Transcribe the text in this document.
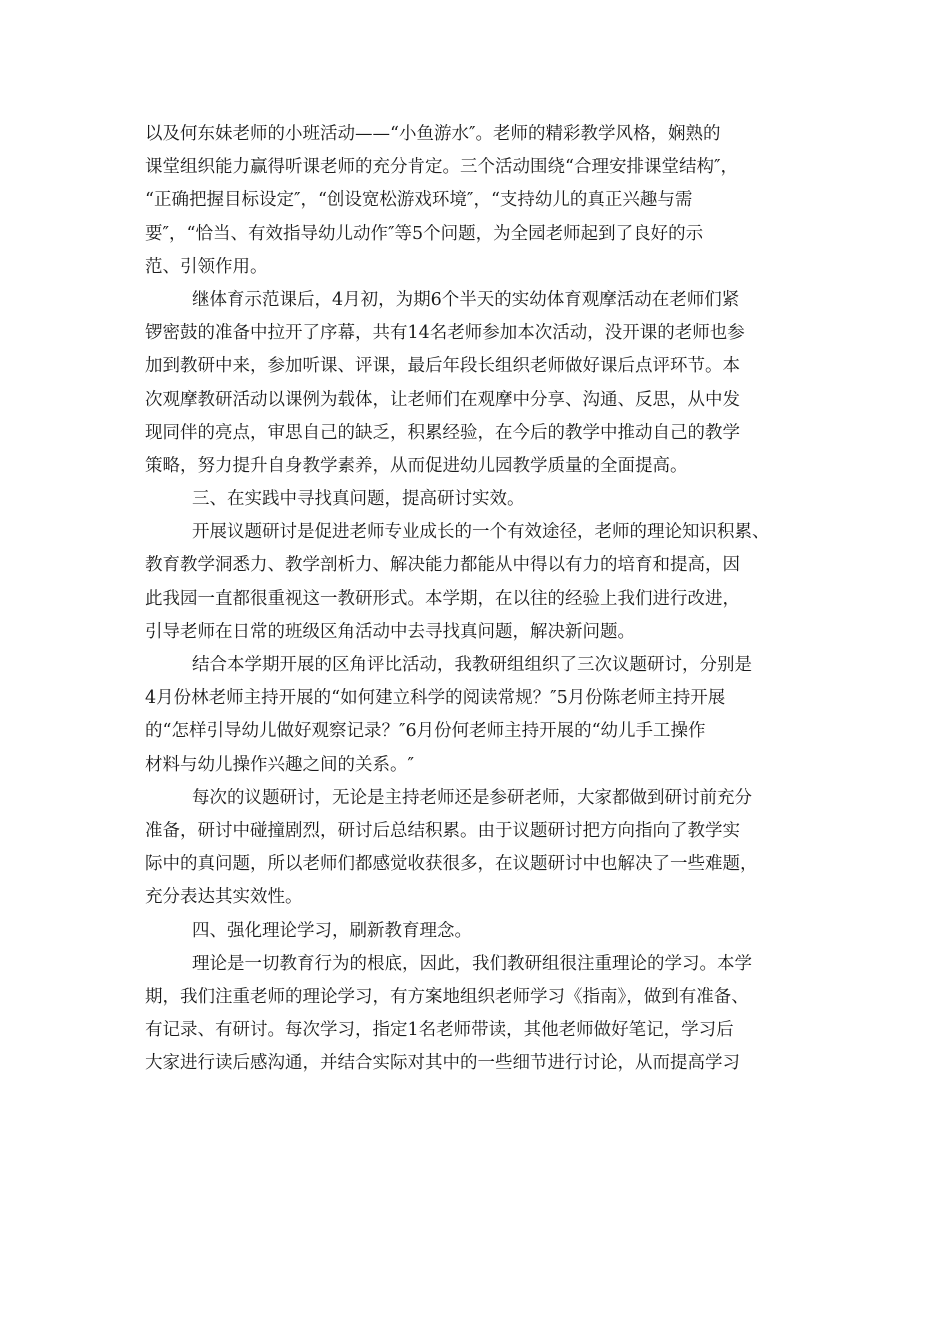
以及何东妹老师的小班活动——“小鱼游水″。老师的精彩教学风格，娴熟的
课堂组织能力赢得听课老师的充分肯定。三个活动围绕“合理安排课堂结构″，
“正确把握目标设定″，“创设宽松游戏环境″，“支持幼儿的真正兴趣与需
要″，“恰当、有效指导幼儿动作″等5个问题，为全园老师起到了良好的示
范、引领作用。
继体育示范课后，4月初，为期6个半天的实幼体育观摩活动在老师们紧
锣密鼓的准备中拉开了序幕，共有14名老师参加本次活动，没开课的老师也参
加到教研中来，参加听课、评课，最后年段长组织老师做好课后点评环节。本
次观摩教研活动以课例为载体，让老师们在观摩中分享、沟通、反思，从中发
现同伴的亮点，审思自己的缺乏，积累经验，在今后的教学中推动自己的教学
策略，努力提升自身教学素养，从而促进幼儿园教学质量的全面提高。
三、在实践中寻找真问题，提高研讨实效。
开展议题研讨是促进老师专业成长的一个有效途径，老师的理论知识积累、
教育教学洞悉力、教学剖析力、解决能力都能从中得以有力的培育和提高，因
此我园一直都很重视这一教研形式。本学期，在以往的经验上我们进行改进，
引导老师在日常的班级区角活动中去寻找真问题，解决新问题。
结合本学期开展的区角评比活动，我教研组组织了三次议题研讨，分别是
4月份林老师主持开展的“如何建立科学的阅读常规？″5月份陈老师主持开展
的“怎样引导幼儿做好观察记录？″6月份何老师主持开展的“幼儿手工操作
材料与幼儿操作兴趣之间的关系。″
每次的议题研讨，无论是主持老师还是参研老师，大家都做到研讨前充分
准备，研讨中碰撞剧烈，研讨后总结积累。由于议题研讨把方向指向了教学实
际中的真问题，所以老师们都感觉收获很多，在议题研讨中也解决了一些难题，
充分表达其实效性。
四、强化理论学习，刷新教育理念。
理论是一切教育行为的根底，因此，我们教研组很注重理论的学习。本学
期，我们注重老师的理论学习，有方案地组织老师学习《指南》，做到有准备、
有记录、有研讨。每次学习，指定1名老师带读，其他老师做好笔记，学习后
大家进行读后感沟通，并结合实际对其中的一些细节进行讨论，从而提高学习
